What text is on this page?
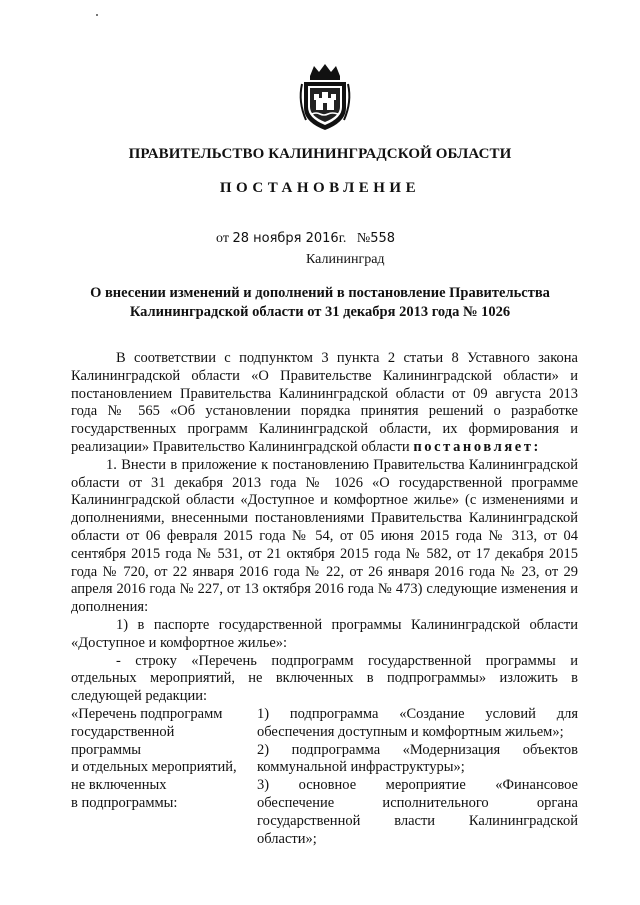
ПРАВИТЕЛЬСТВО КАЛИНИНГРАДСКОЙ ОБЛАСТИ
ПОСТАНОВЛЕНИЕ
от 28 ноября 2016г. №558
Калининград
О внесении изменений и дополнений в постановление Правительства
Калининградской области от 31 декабря 2013 года № 1026

В соответствии с подпунктом 3 пункта 2 статьи 8 Уставного закона Калининградской области «О Правительстве Калининградской области» и постановлением Правительства Калининградской области от 09 августа 2013 года № 565 «Об установлении порядка принятия решений о разработке государственных программ Калининградской области, их формирования и реализации» Правительство Калининградской области постановляет:

1. Внести в приложение к постановлению Правительства Калининградской области от 31 декабря 2013 года № 1026 «О государственной программе Калининградской области «Доступное и комфортное жилье» (с изменениями и дополнениями, внесенными постановлениями Правительства Калининградской области от 06 февраля 2015 года № 54, от 05 июня 2015 года № 313, от 04 сентября 2015 года № 531, от 21 октября 2015 года № 582, от 17 декабря 2015 года № 720, от 22 января 2016 года № 22, от 26 января 2016 года № 23, от 29 апреля 2016 года № 227, от 13 октября 2016 года № 473) следующие изменения и дополнения:

1) в паспорте государственной программы Калининградской области «Доступное и комфортное жилье»:

- строку «Перечень подпрограмм государственной программы и отдельных мероприятий, не включенных в подпрограммы» изложить в следующей редакции:

«Перечень подпрограмм
государственной
программы
и отдельных мероприятий,
не включенных
в подпрограммы:

1) подпрограмма «Создание условий для обеспечения доступным и комфортным жильем»;

2) подпрограмма «Модернизация объектов коммунальной инфраструктуры»;

3) основное мероприятие «Финансовое обеспечение исполнительного органа государственной власти Калининградской области»;
